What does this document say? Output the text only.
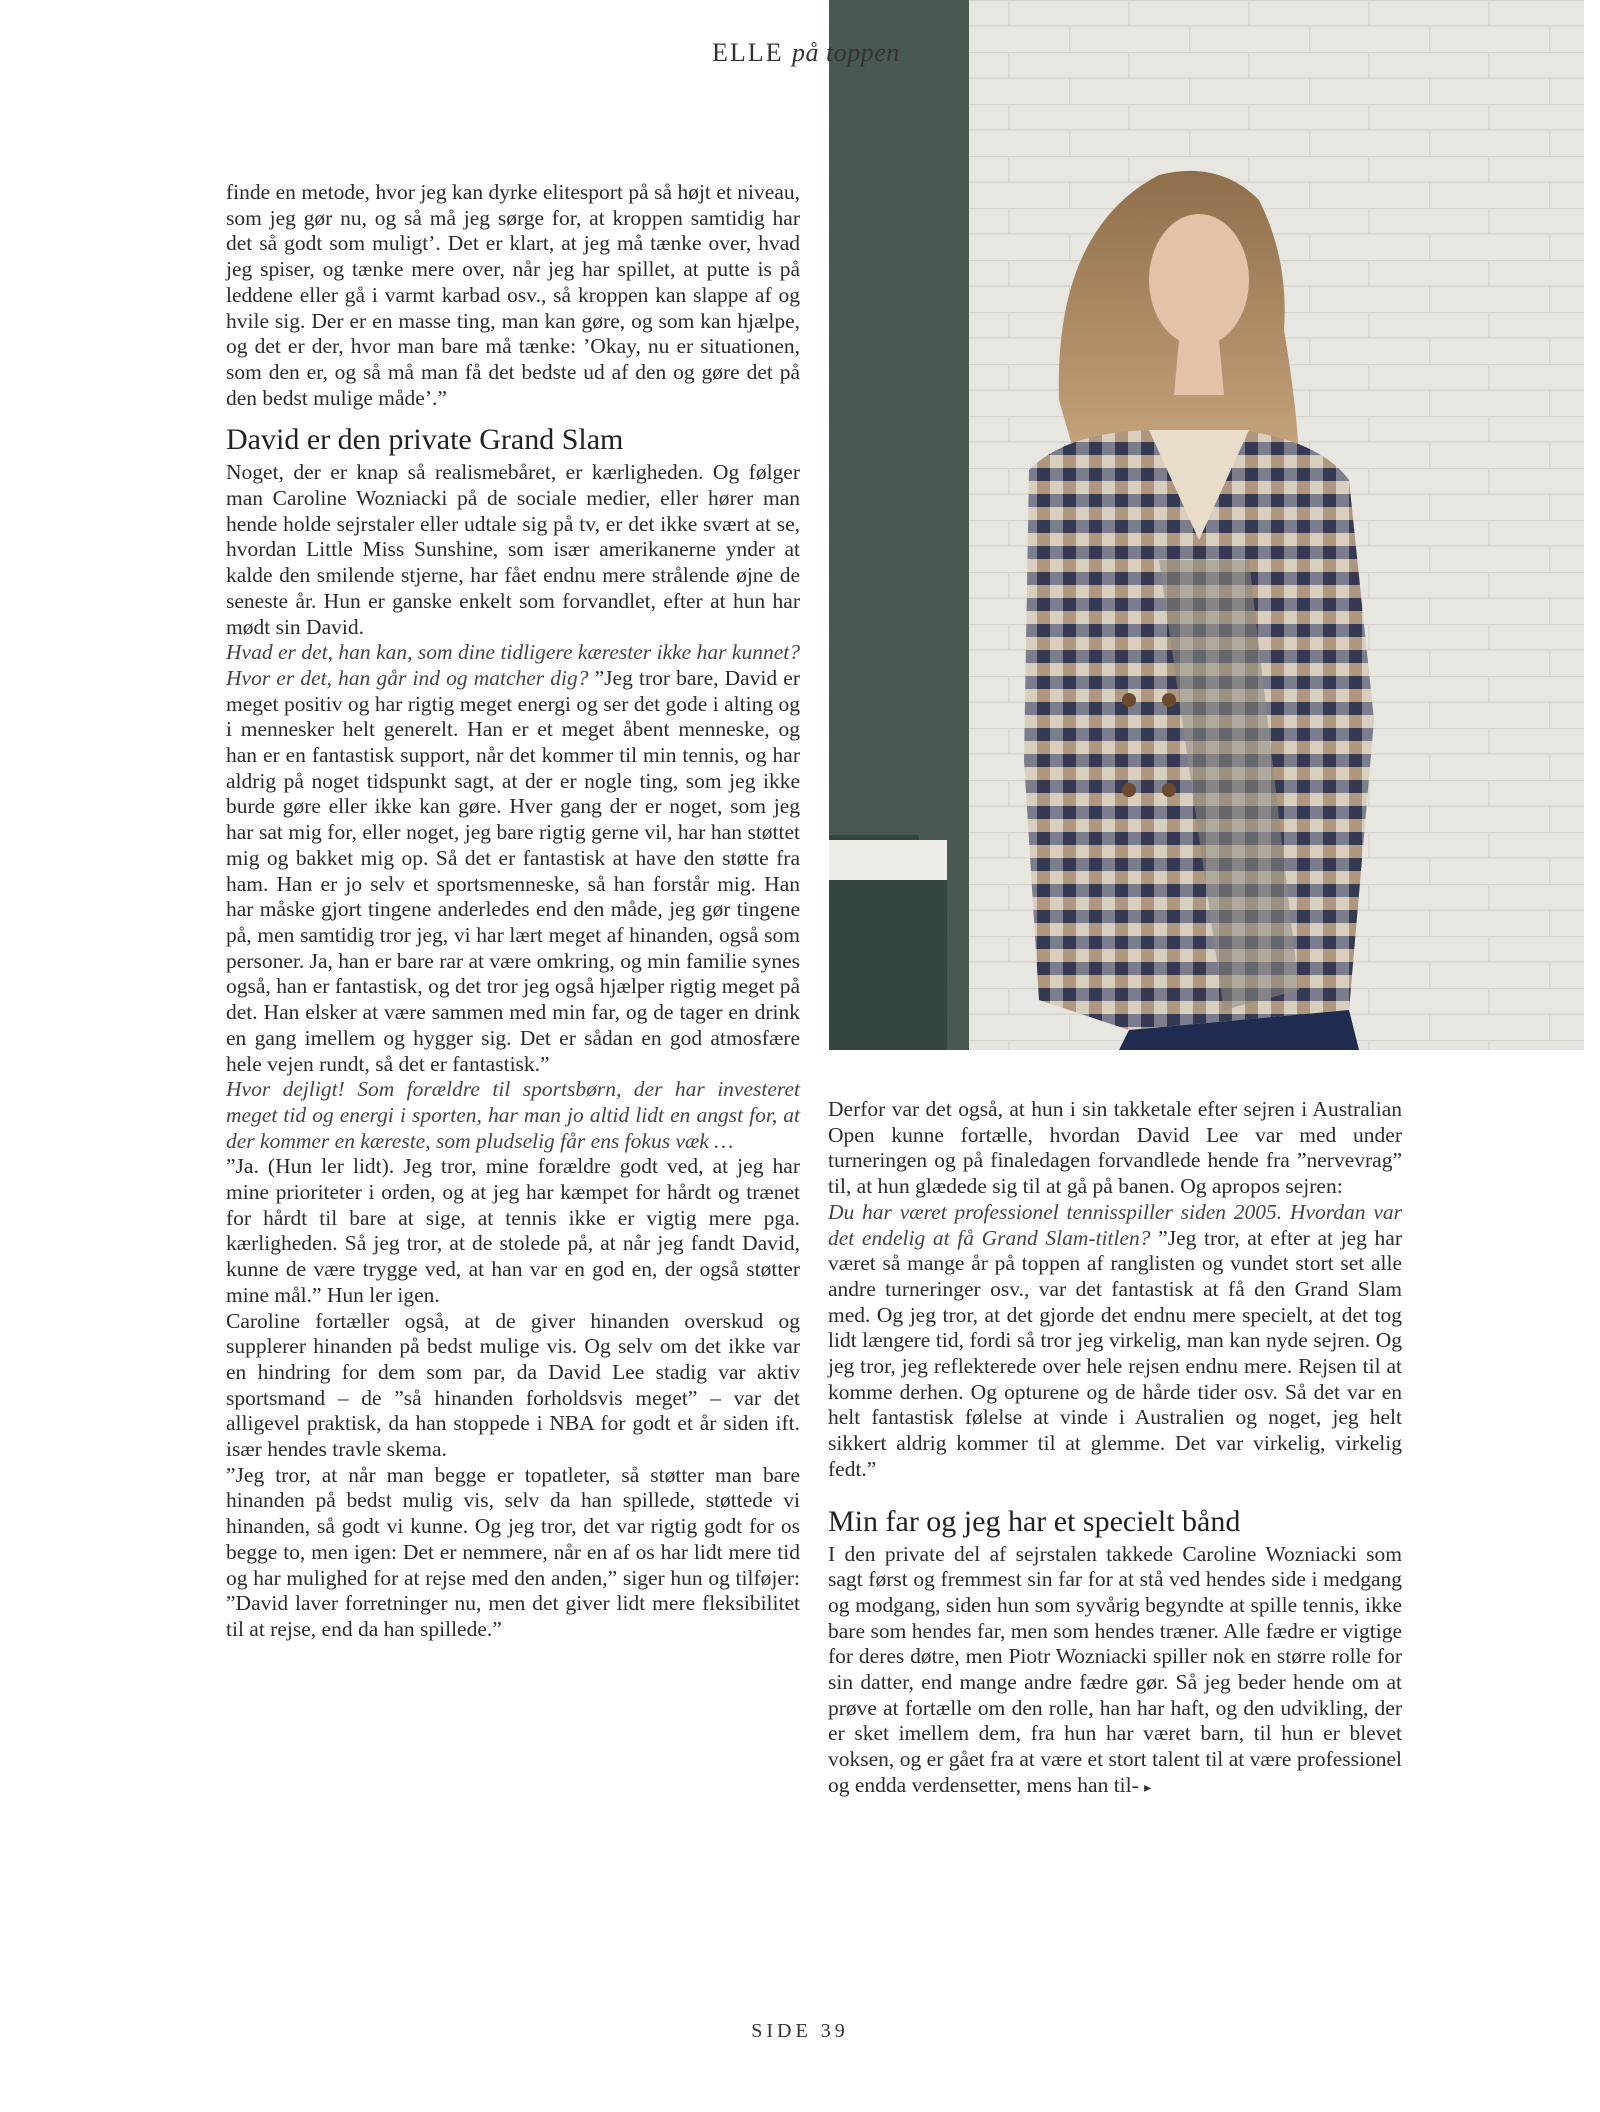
ELLE på toppen

finde en metode, hvor jeg kan dyrke elitesport på så højt et niveau, som jeg gør nu, og så må jeg sørge for, at kroppen samtidig har det så godt som muligt’. Det er klart, at jeg må tænke over, hvad jeg spiser, og tænke mere over, når jeg har spillet, at putte is på leddene eller gå i varmt karbad osv., så kroppen kan slappe af og hvile sig. Der er en masse ting, man kan gøre, og som kan hjælpe, og det er der, hvor man bare må tænke: ’Okay, nu er situationen, som den er, og så må man få det bedste ud af den og gøre det på den bedst mulige måde’.”

David er den private Grand Slam

Noget, der er knap så realismebåret, er kærligheden. Og følger man Caroline Wozniacki på de sociale medier, eller hører man hende holde sejrstaler eller udtale sig på tv, er det ikke svært at se, hvordan Little Miss Sunshine, som især amerikanerne ynder at kalde den smilende stjerne, har fået endnu mere strålende øjne de seneste år. Hun er ganske enkelt som forvandlet, efter at hun har mødt sin David.

Hvad er det, han kan, som dine tidligere kærester ikke har kunnet? Hvor er det, han går ind og matcher dig? ”Jeg tror bare, David er meget positiv og har rigtig meget energi og ser det gode i alting og i mennesker helt generelt. Han er et meget åbent menneske, og han er en fantastisk support, når det kommer til min tennis, og har aldrig på noget tidspunkt sagt, at der er nogle ting, som jeg ikke burde gøre eller ikke kan gøre. Hver gang der er noget, som jeg har sat mig for, eller noget, jeg bare rigtig gerne vil, har han støttet mig og bakket mig op. Så det er fantastisk at have den støtte fra ham. Han er jo selv et sportsmenneske, så han forstår mig. Han har måske gjort tingene anderledes end den måde, jeg gør tingene på, men samtidig tror jeg, vi har lært meget af hinanden, også som personer. Ja, han er bare rar at være omkring, og min familie synes også, han er fantastisk, og det tror jeg også hjælper rigtig meget på det. Han elsker at være sammen med min far, og de tager en drink en gang imellem og hygger sig. Det er sådan en god atmosfære hele vejen rundt, så det er fantastisk.”

Hvor dejligt! Som forældre til sportsbørn, der har investeret meget tid og energi i sporten, har man jo altid lidt en angst for, at der kommer en kæreste, som pludselig får ens fokus væk …

”Ja. (Hun ler lidt). Jeg tror, mine forældre godt ved, at jeg har mine prioriteter i orden, og at jeg har kæmpet for hårdt og trænet for hårdt til bare at sige, at tennis ikke er vigtig mere pga. kærligheden. Så jeg tror, at de stolede på, at når jeg fandt David, kunne de være trygge ved, at han var en god en, der også støtter mine mål.” Hun ler igen.

Caroline fortæller også, at de giver hinanden overskud og supplerer hinanden på bedst mulige vis. Og selv om det ikke var en hindring for dem som par, da David Lee stadig var aktiv sportsmand – de ”så hinanden forholdsvis meget” – var det alligevel praktisk, da han stoppede i NBA for godt et år siden ift. især hendes travle skema.

”Jeg tror, at når man begge er topatleter, så støtter man bare hinanden på bedst mulig vis, selv da han spillede, støttede vi hinanden, så godt vi kunne. Og jeg tror, det var rigtig godt for os begge to, men igen: Det er nemmere, når en af os har lidt mere tid og har mulighed for at rejse med den anden,” siger hun og tilføjer: ”David laver forretninger nu, men det giver lidt mere fleksibilitet til at rejse, end da han spillede.”

Derfor var det også, at hun i sin takketale efter sejren i Australian Open kunne fortælle, hvordan David Lee var med under turneringen og på finaledagen forvandlede hende fra ”nervevrag” til, at hun glædede sig til at gå på banen. Og apropos sejren:

Du har været professionel tennisspiller siden 2005. Hvordan var det endelig at få Grand Slam-titlen? ”Jeg tror, at efter at jeg har været så mange år på toppen af ranglisten og vundet stort set alle andre turneringer osv., var det fantastisk at få den Grand Slam med. Og jeg tror, at det gjorde det endnu mere specielt, at det tog lidt længere tid, fordi så tror jeg virkelig, man kan nyde sejren. Og jeg tror, jeg reflekterede over hele rejsen endnu mere. Rejsen til at komme derhen. Og opturene og de hårde tider osv. Så det var en helt fantastisk følelse at vinde i Australien og noget, jeg helt sikkert aldrig kommer til at glemme. Det var virkelig, virkelig fedt.”

Min far og jeg har et specielt bånd

I den private del af sejrstalen takkede Caroline Wozniacki som sagt først og fremmest sin far for at stå ved hendes side i medgang og modgang, siden hun som syvårig begyndte at spille tennis, ikke bare som hendes far, men som hendes træner. Alle fædre er vigtige for deres døtre, men Piotr Wozniacki spiller nok en større rolle for sin datter, end mange andre fædre gør. Så jeg beder hende om at prøve at fortælle om den rolle, han har haft, og den udvikling, der er sket imellem dem, fra hun har været barn, til hun er blevet voksen, og er gået fra at være et stort talent til at være professionel og endda verdensetter, mens han til- ▸

SIDE 39
